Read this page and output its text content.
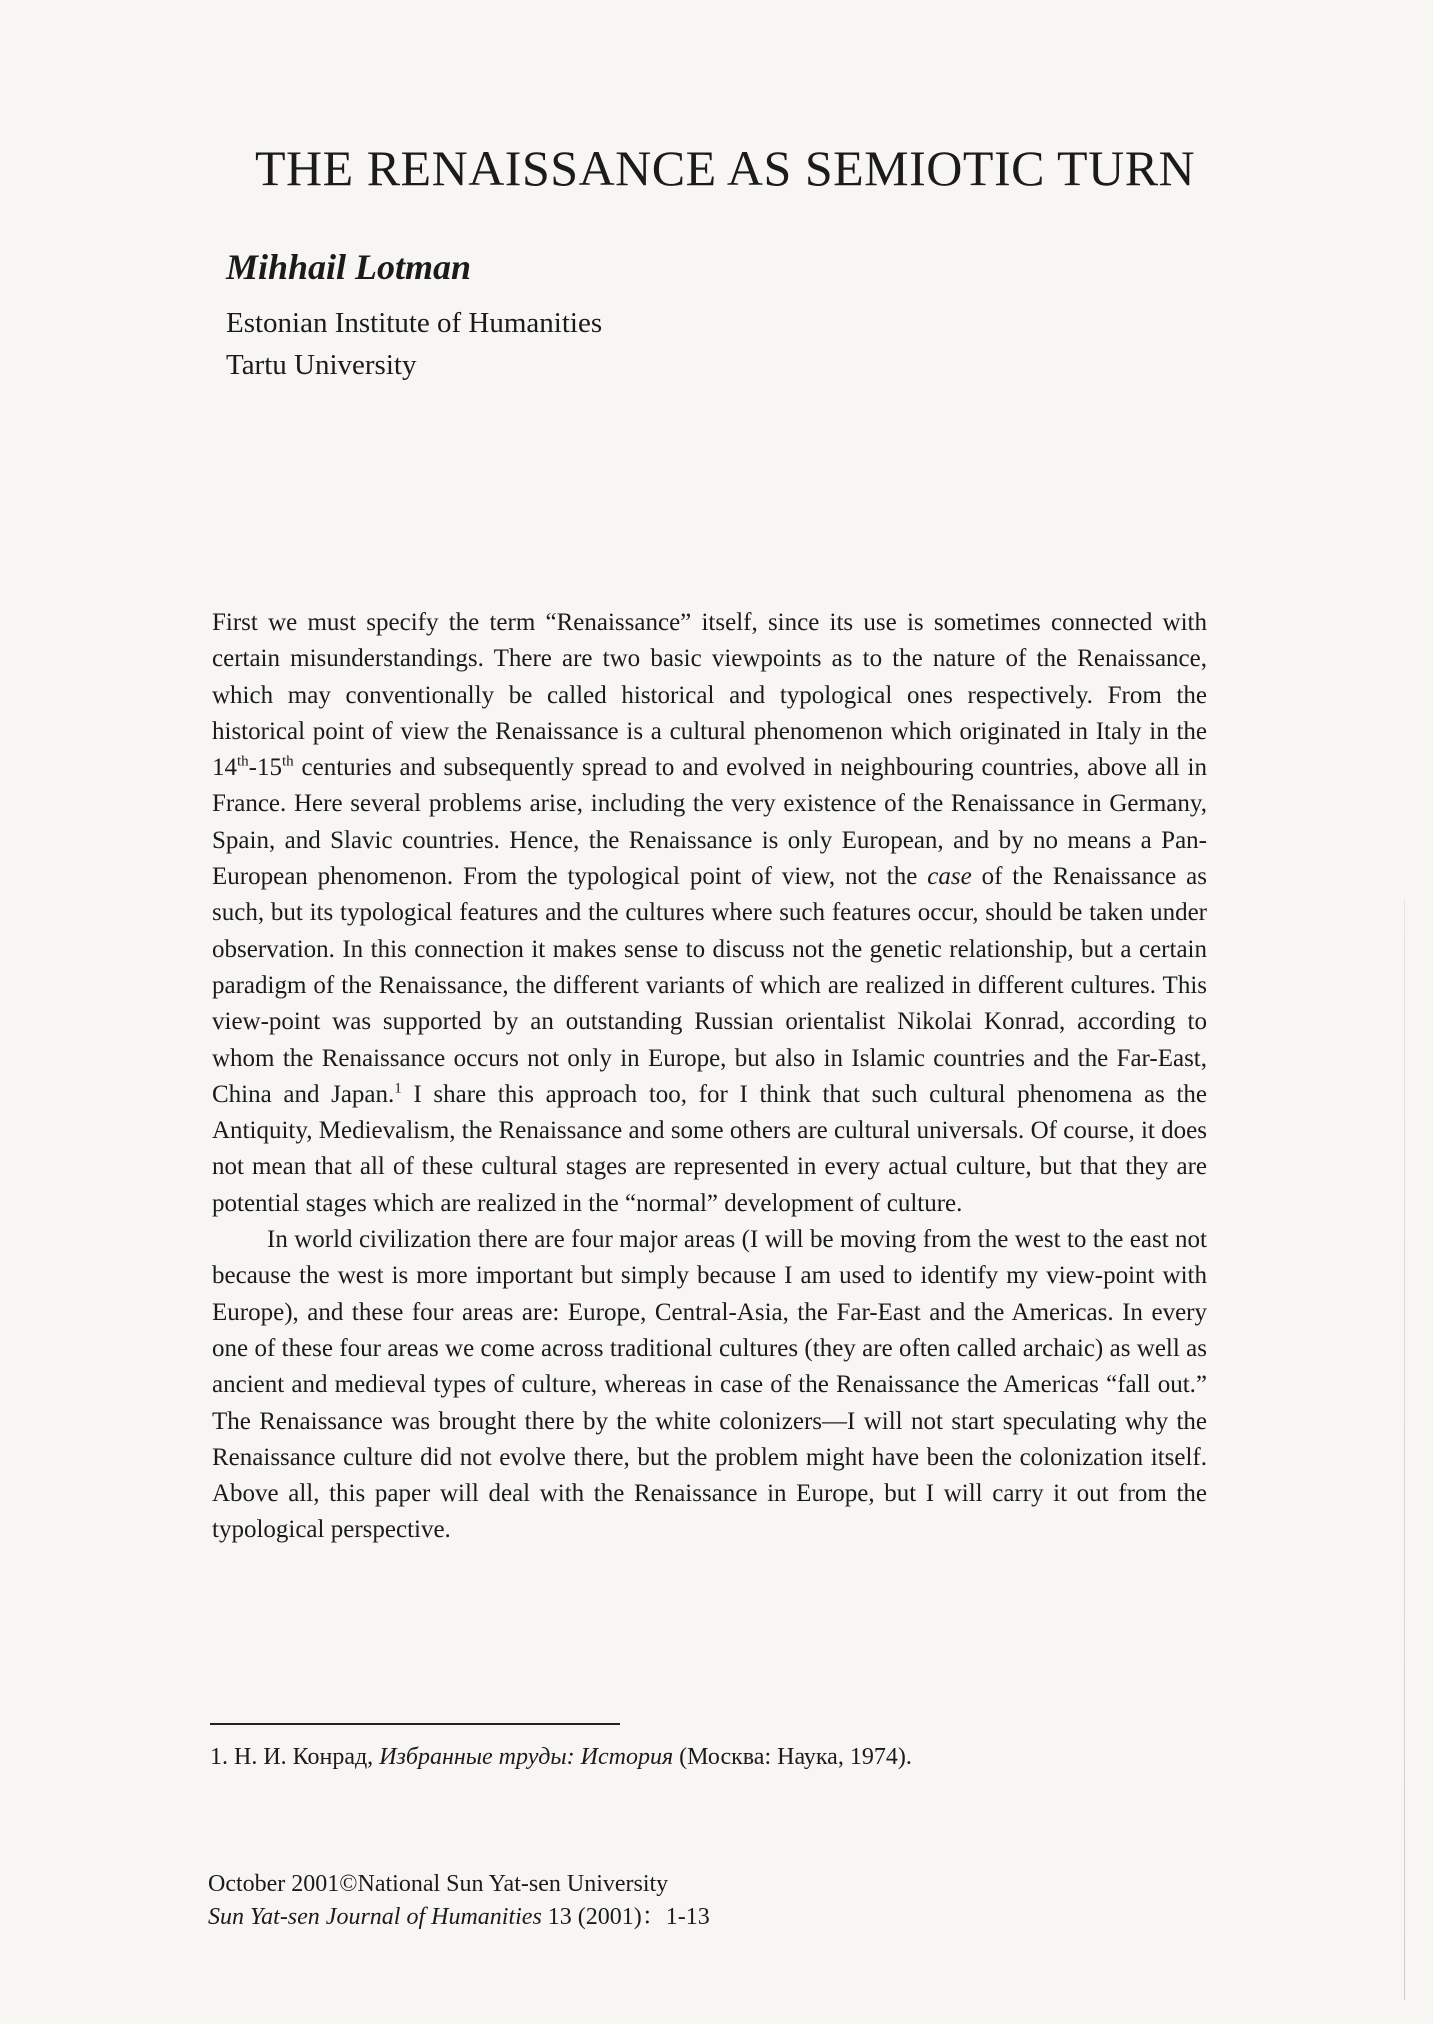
THE RENAISSANCE AS SEMIOTIC TURN
Mihhail Lotman
Estonian Institute of Humanities
Tartu University

First we must specify the term “Renaissance” itself, since its use is sometimes connected with certain misunderstandings. There are two basic viewpoints as to the nature of the Renaissance, which may conventionally be called historical and typological ones respectively. From the historical point of view the Renaissance is a cultural phenomenon which originated in Italy in the 14th-15th centuries and subsequently spread to and evolved in neighbouring countries, above all in France. Here several problems arise, including the very existence of the Renaissance in Germany, Spain, and Slavic countries. Hence, the Renaissance is only European, and by no means a Pan-European phenomenon. From the typological point of view, not the case of the Renaissance as such, but its typological features and the cultures where such features occur, should be taken under observation. In this connection it makes sense to discuss not the genetic relationship, but a certain paradigm of the Renaissance, the different variants of which are realized in different cultures. This view-point was supported by an outstanding Russian orientalist Nikolai Konrad, according to whom the Renaissance occurs not only in Europe, but also in Islamic countries and the Far-East, China and Japan.$^1$ I share this approach too, for I think that such cultural phenomena as the Antiquity, Medievalism, the Renaissance and some others are cultural universals. Of course, it does not mean that all of these cultural stages are represented in every actual culture, but that they are potential stages which are realized in the “normal” development of culture.

In world civilization there are four major areas (I will be moving from the west to the east not because the west is more important but simply because I am used to identify my view-point with Europe), and these four areas are: Europe, Central-Asia, the Far-East and the Americas. In every one of these four areas we come across traditional cultures (they are often called archaic) as well as ancient and medieval types of culture, whereas in case of the Renaissance the Americas “fall out.” The Renaissance was brought there by the white colonizers—I will not start speculating why the Renaissance culture did not evolve there, but the problem might have been the colonization itself. Above all, this paper will deal with the Renaissance in Europe, but I will carry it out from the typological perspective.

1. Н. И. Конрад, Избранные труды: История (Москва: Наука, 1974).
October 2001©National Sun Yat-sen University
Sun Yat-sen Journal of Humanities 13 (2001)：1-13
